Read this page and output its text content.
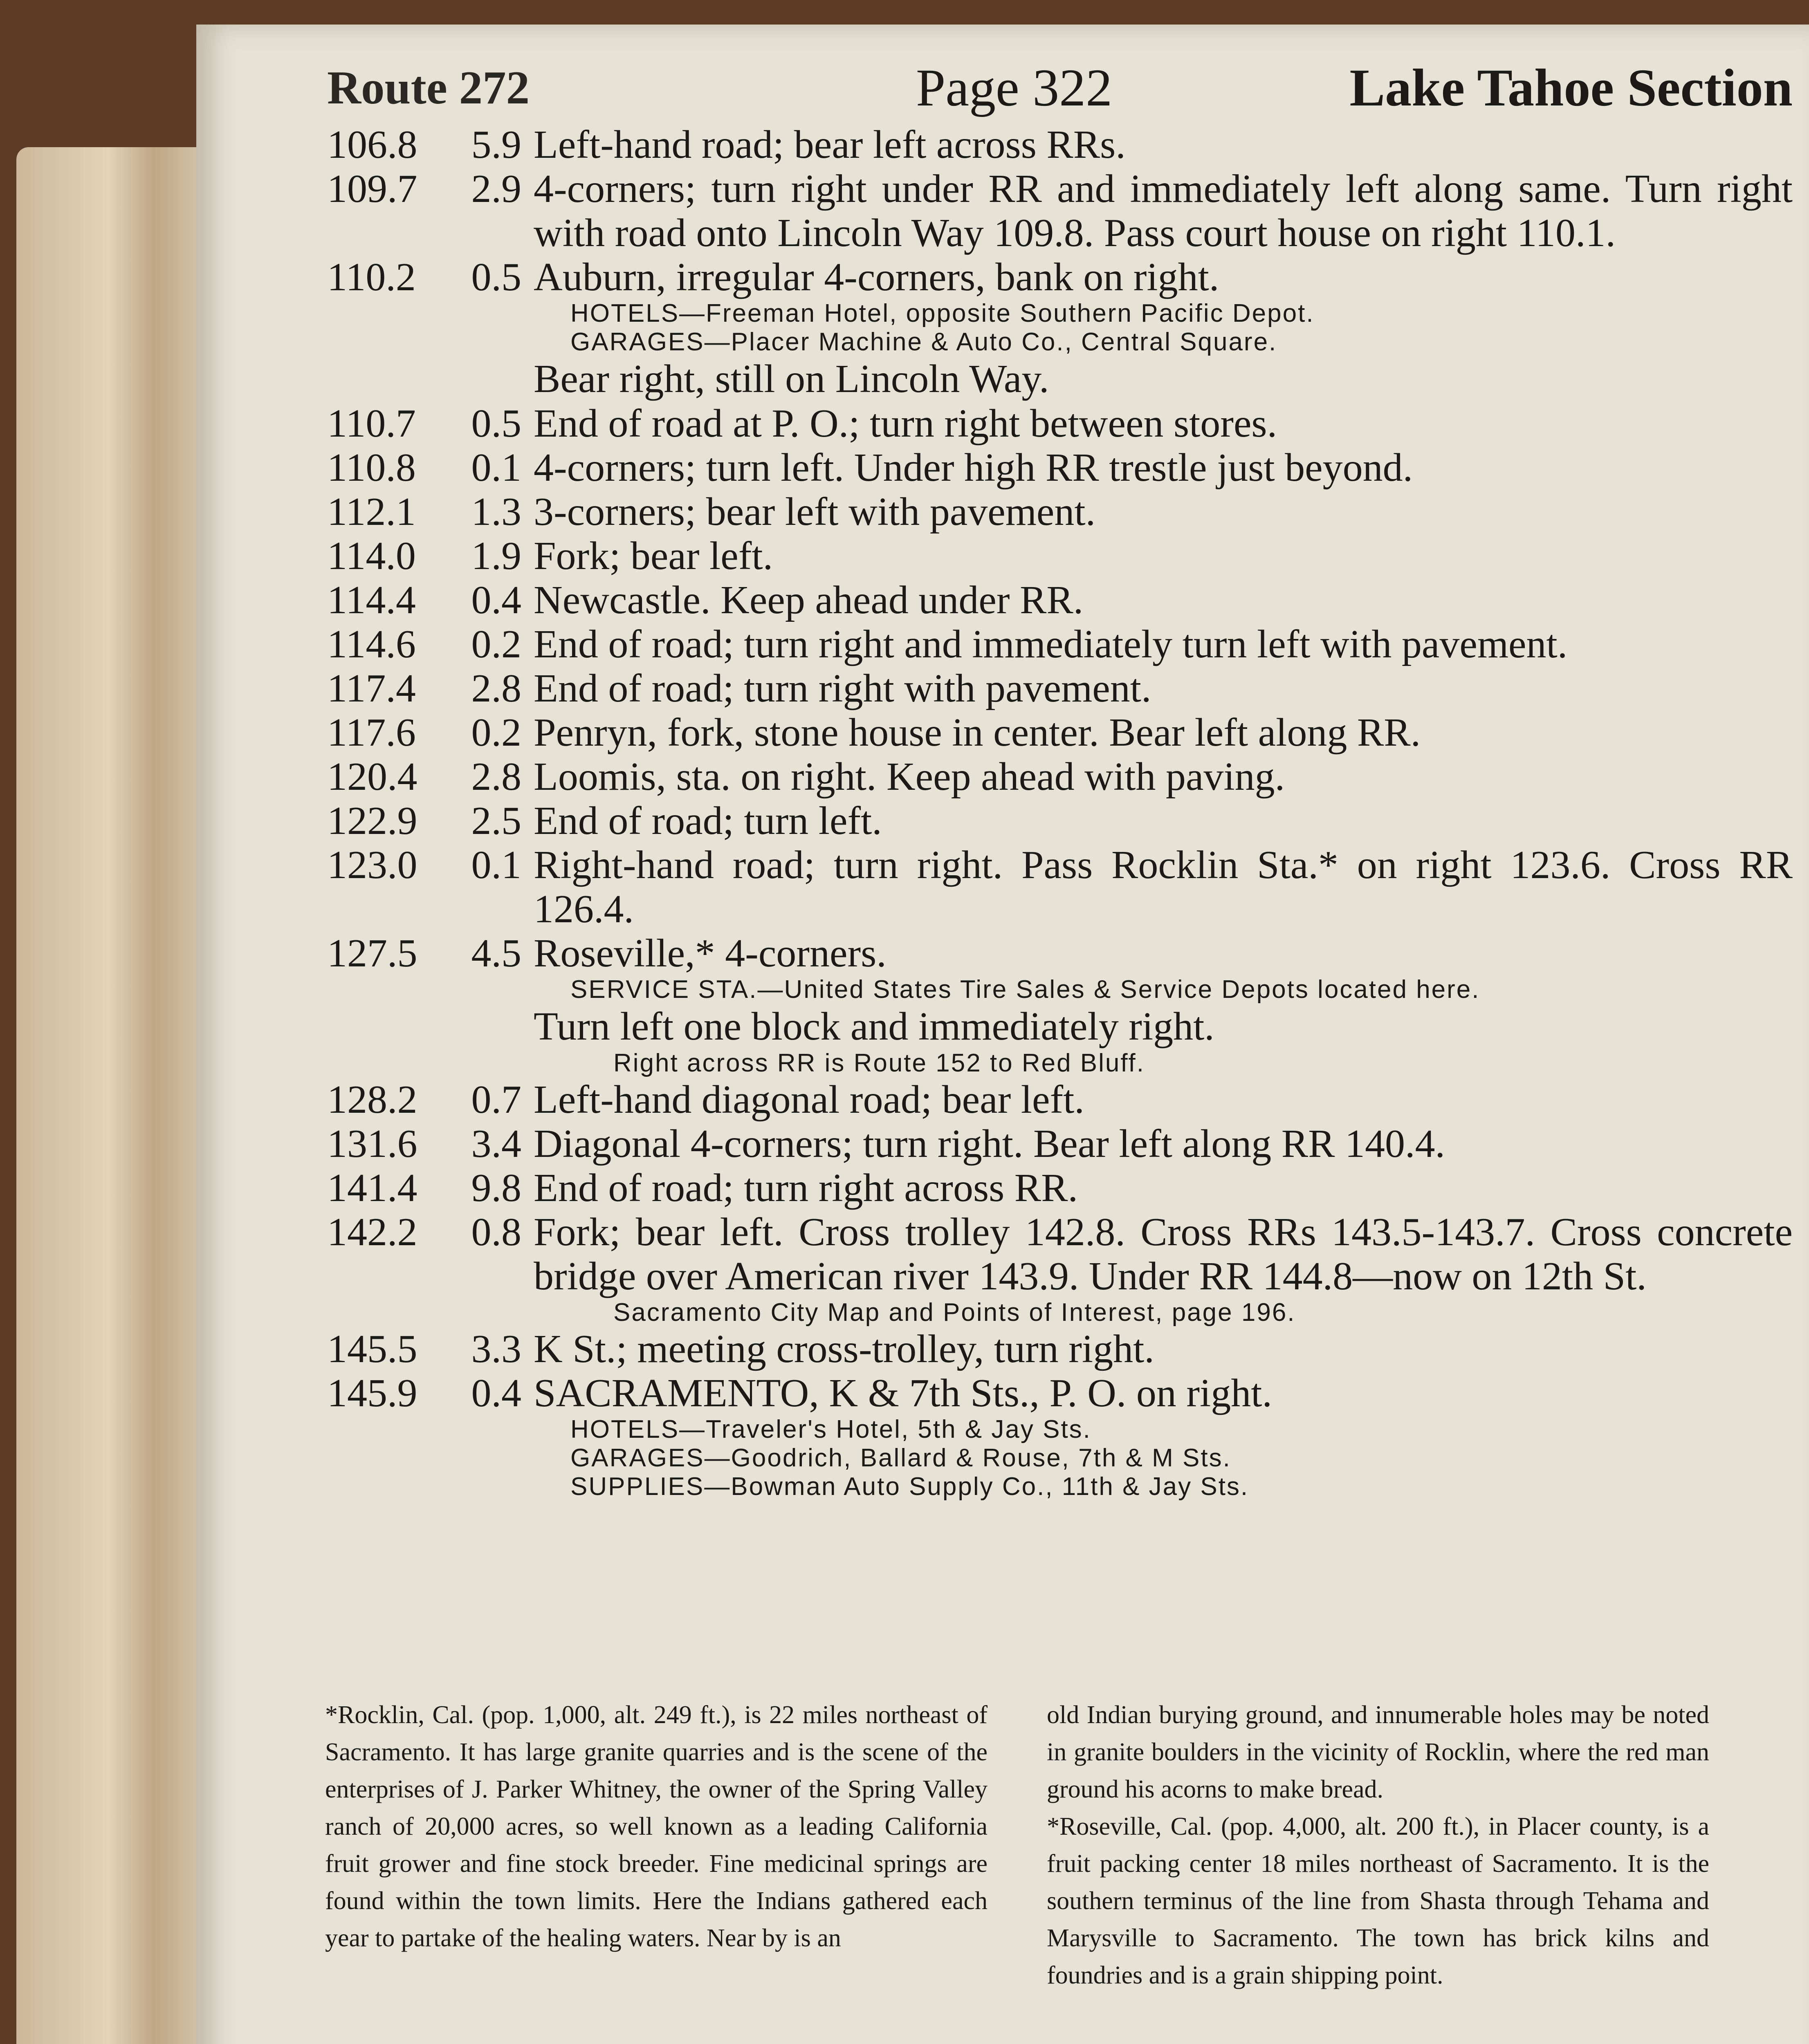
Route 272	Page 322	Lake Tahoe Section
106.8	5.9 Left-hand road; bear left across RRs.
109.7	2.9 4-corners; turn right under RR and immediately left along same. Turn right with road onto Lincoln Way 109.8. Pass court house on right 110.1.
110.2	0.5 Auburn, irregular 4-corners, bank on right.
HOTELS—Freeman Hotel, opposite Southern Pacific Depot.
GARAGES—Placer Machine & Auto Co., Central Square.
Bear right, still on Lincoln Way.
110.7	0.5 End of road at P. O.; turn right between stores.
110.8	0.1 4-corners; turn left. Under high RR trestle just beyond.
112.1	1.3 3-corners; bear left with pavement.
114.0	1.9 Fork; bear left.
114.4	0.4 Newcastle. Keep ahead under RR.
114.6	0.2 End of road; turn right and immediately turn left with pavement.
117.4	2.8 End of road; turn right with pavement.
117.6	0.2 Penryn, fork, stone house in center. Bear left along RR.
120.4	2.8 Loomis, sta. on right. Keep ahead with paving.
122.9	2.5 End of road; turn left.
123.0	0.1 Right-hand road; turn right. Pass Rocklin Sta.* on right 123.6. Cross RR 126.4.
127.5	4.5 Roseville,* 4-corners.
SERVICE STA.—United States Tire Sales & Service Depots located here.
Turn left one block and immediately right.
Right across RR is Route 152 to Red Bluff.
128.2	0.7 Left-hand diagonal road; bear left.
131.6	3.4 Diagonal 4-corners; turn right. Bear left along RR 140.4.
141.4	9.8 End of road; turn right across RR.
142.2	0.8 Fork; bear left. Cross trolley 142.8. Cross RRs 143.5-143.7. Cross concrete bridge over American river 143.9. Under RR 144.8—now on 12th St.
Sacramento City Map and Points of Interest, page 196.
145.5	3.3 K St.; meeting cross-trolley, turn right.
145.9	0.4 SACRAMENTO, K & 7th Sts., P. O. on right.
HOTELS—Traveler's Hotel, 5th & Jay Sts.
GARAGES—Goodrich, Ballard & Rouse, 7th & M Sts.
SUPPLIES—Bowman Auto Supply Co., 11th & Jay Sts.
*Rocklin, Cal. (pop. 1,000, alt. 249 ft.), is 22 miles northeast of Sacramento. It has large granite quarries and is the scene of the enterprises of J. Parker Whitney, the owner of the Spring Valley ranch of 20,000 acres, so well known as a leading California fruit grower and fine stock breeder. Fine medicinal springs are found within the town limits. Here the Indians gathered each year to partake of the healing waters. Near by is an
old Indian burying ground, and innumerable holes may be noted in granite boulders in the vicinity of Rocklin, where the red man ground his acorns to make bread.
*Roseville, Cal. (pop. 4,000, alt. 200 ft.), in Placer county, is a fruit packing center 18 miles northeast of Sacramento. It is the southern terminus of the line from Shasta through Tehama and Marysville to Sacramento. The town has brick kilns and foundries and is a grain shipping point.
